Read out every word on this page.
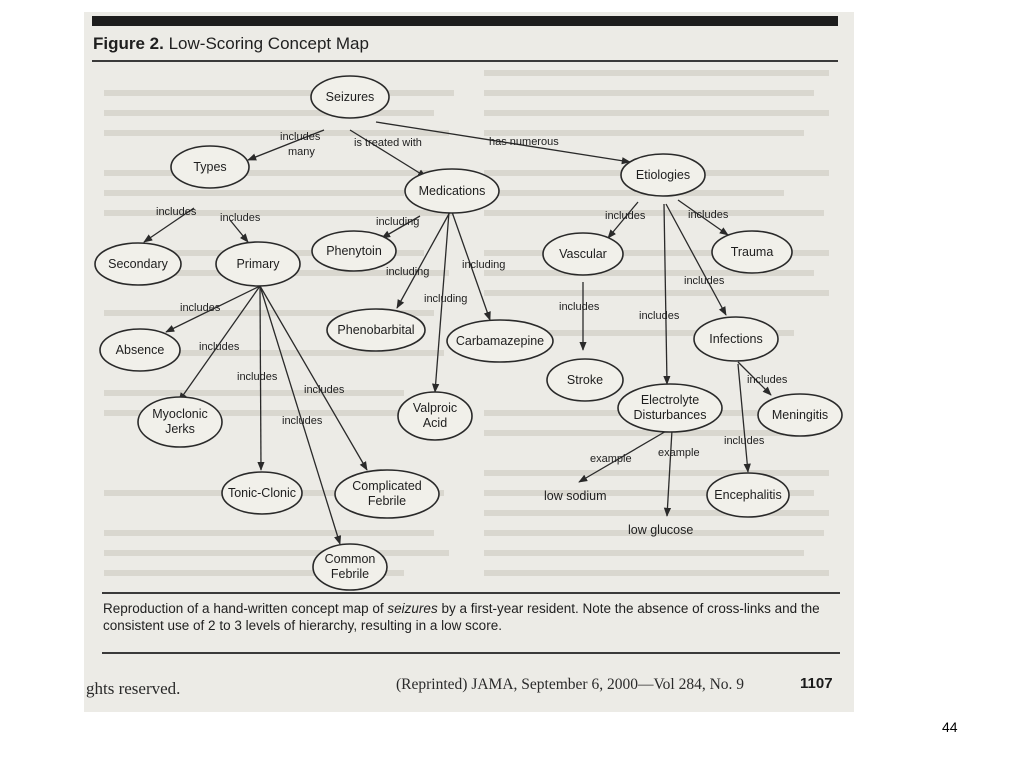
Figure 2. Low-Scoring Concept Map
includes
many
is treated with	has numerous
includes includes	including
including
including
including
includes	includes
includes
includes
includes
includes
includes
includes
includes
includes
includes
includes
example example
Seizures
Types
Medications
Etiologies
Secondary	Primary
Phenytoin
Phenobarbital
Carbamazepine
Valproic
Acid
Vascular	Trauma
Infections
Absence
Myoclonic
Jerks
Tonic-Clonic	Complicated
Febrile
Common
Febrile
Stroke
Electrolyte
Disturbances	Meningitis
Encephalitis
low sodium
low glucose
Reproduction of a hand-written concept map of seizures by a first-year resident. Note the absence of cross-links and the consistent use of 2 to 3 levels of hierarchy, resulting in a low score.
ghts reserved.	(Reprinted) JAMA, September 6, 2000—Vol 284, No. 9	1107
44
